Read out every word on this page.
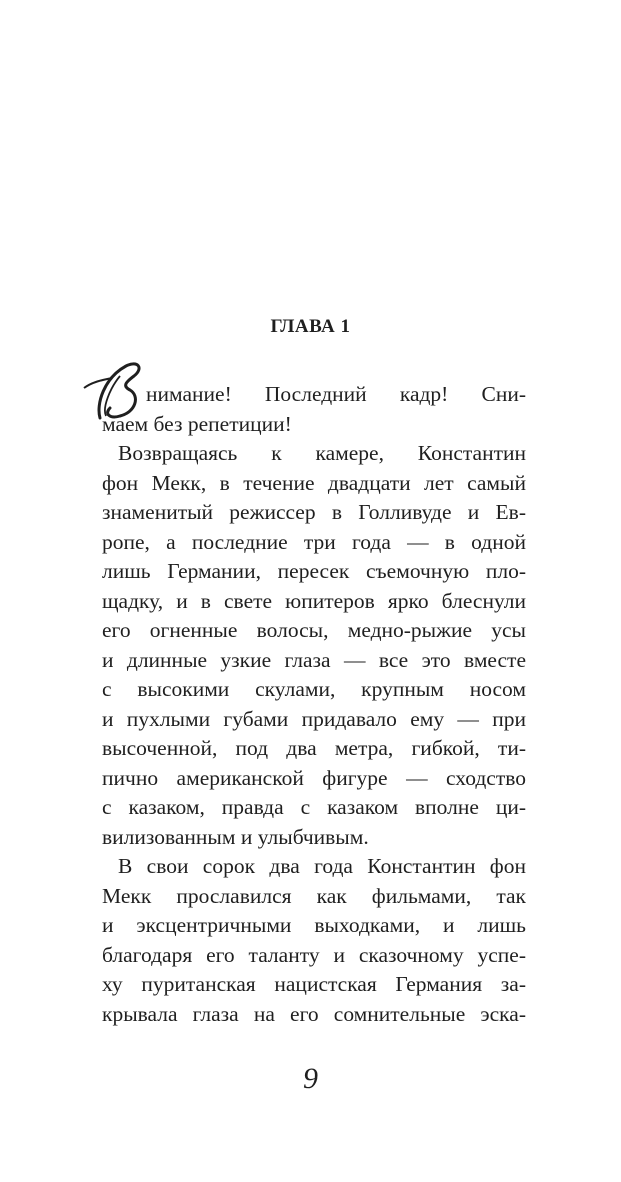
ГЛАВА 1
нимание! Последний кадр! Сни-
маем без репетиции!
Возвращаясь к камере, Константин
фон Мекк, в течение двадцати лет самый
знаменитый режиссер в Голливуде и Ев-
ропе, а последние три года — в одной
лишь Германии, пересек съемочную пло-
щадку, и в свете юпитеров ярко блеснули
его огненные волосы, медно-рыжие усы
и длинные узкие глаза — все это вместе
с высокими скулами, крупным носом
и пухлыми губами придавало ему — при
высоченной, под два метра, гибкой, ти-
пично американской фигуре — сходство
с казаком, правда с казаком вполне ци-
вилизованным и улыбчивым.
В свои сорок два года Константин фон
Мекк прославился как фильмами, так
и эксцентричными выходками, и лишь
благодаря его таланту и сказочному успе-
ху пуританская нацистская Германия за-
крывала глаза на его сомнительные эска-
9
